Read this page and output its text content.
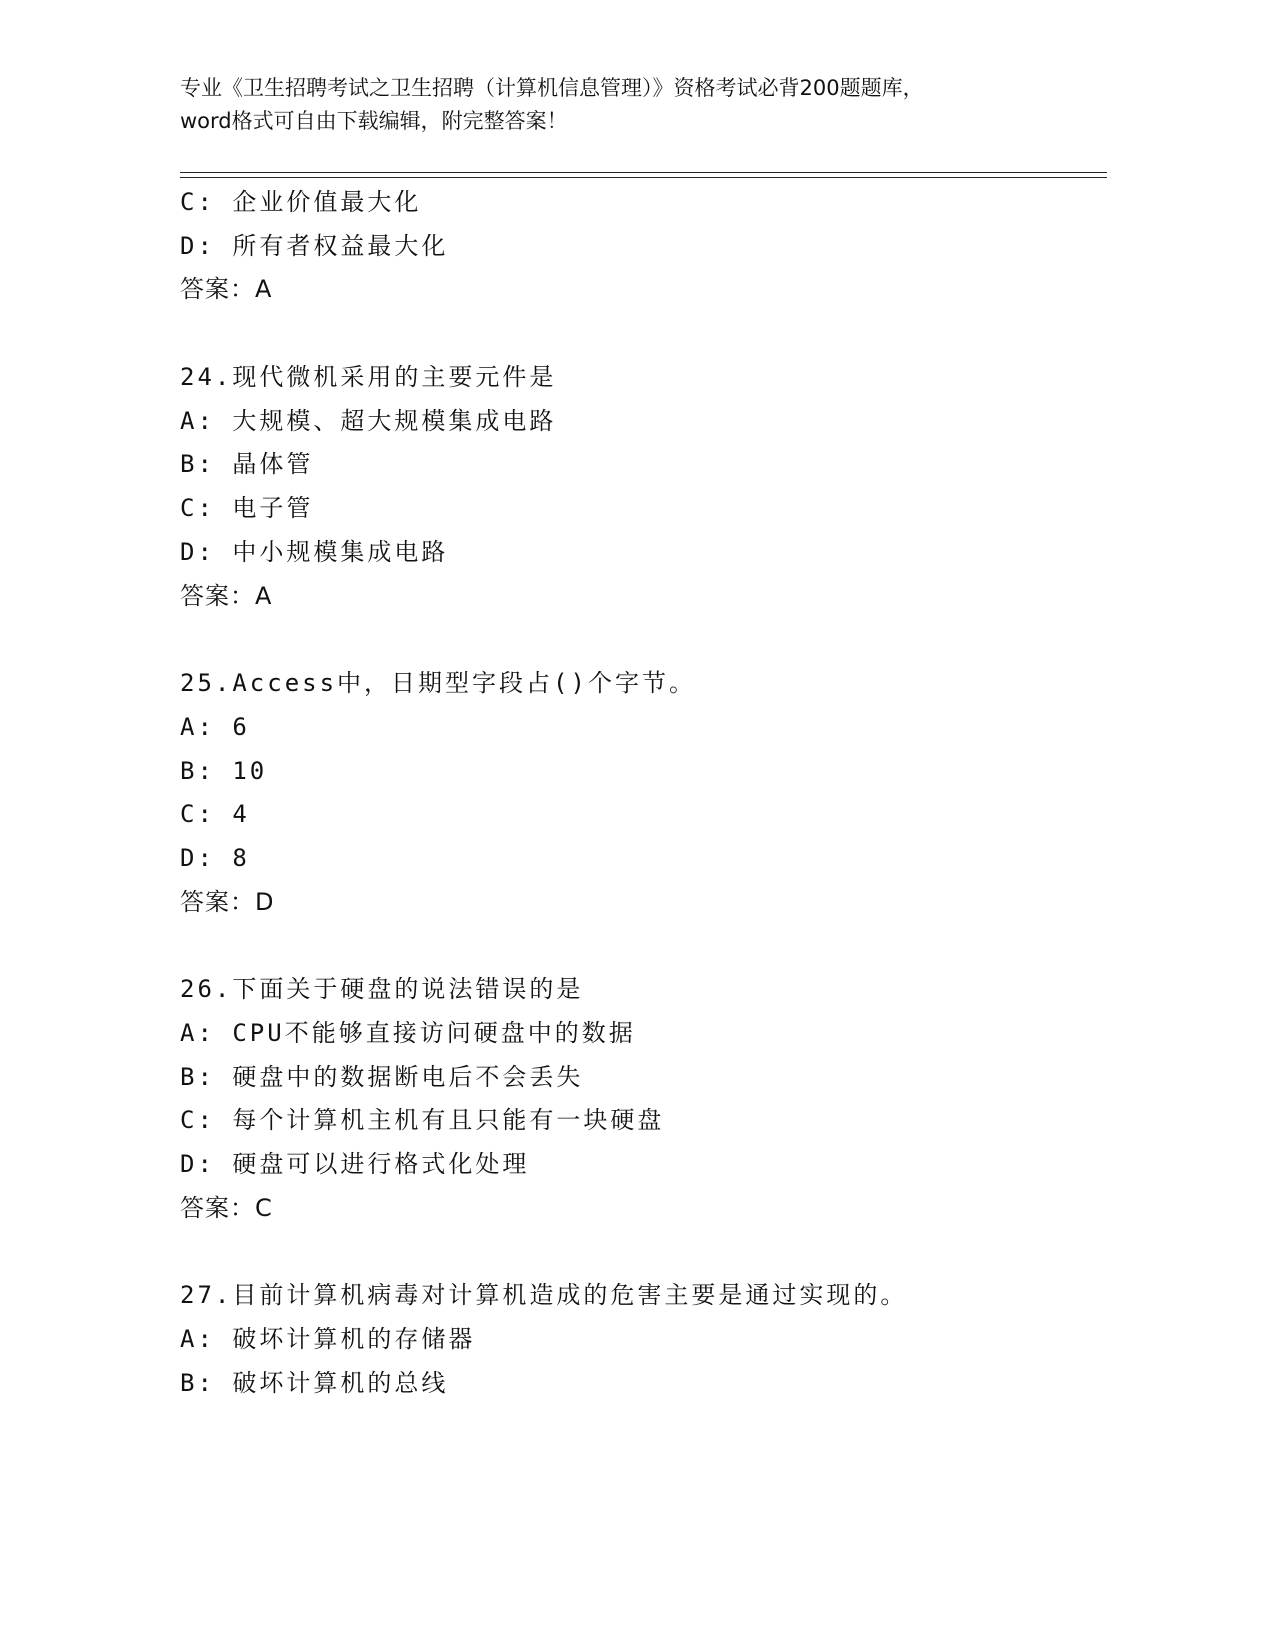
专业《卫生招聘考试之卫生招聘（计算机信息管理）》资格考试必背200题题库，
word格式可自由下载编辑，附完整答案！
C: 企业价值最大化
D: 所有者权益最大化
答案：A
24.现代微机采用的主要元件是
A: 大规模、超大规模集成电路
B: 晶体管
C: 电子管
D: 中小规模集成电路
答案：A
25.Access中，日期型字段占()个字节。
A: 6
B: 10
C: 4
D: 8
答案：D
26.下面关于硬盘的说法错误的是
A: CPU不能够直接访问硬盘中的数据
B: 硬盘中的数据断电后不会丢失
C: 每个计算机主机有且只能有一块硬盘
D: 硬盘可以进行格式化处理
答案：C
27.目前计算机病毒对计算机造成的危害主要是通过实现的。
A: 破坏计算机的存储器
B: 破坏计算机的总线
